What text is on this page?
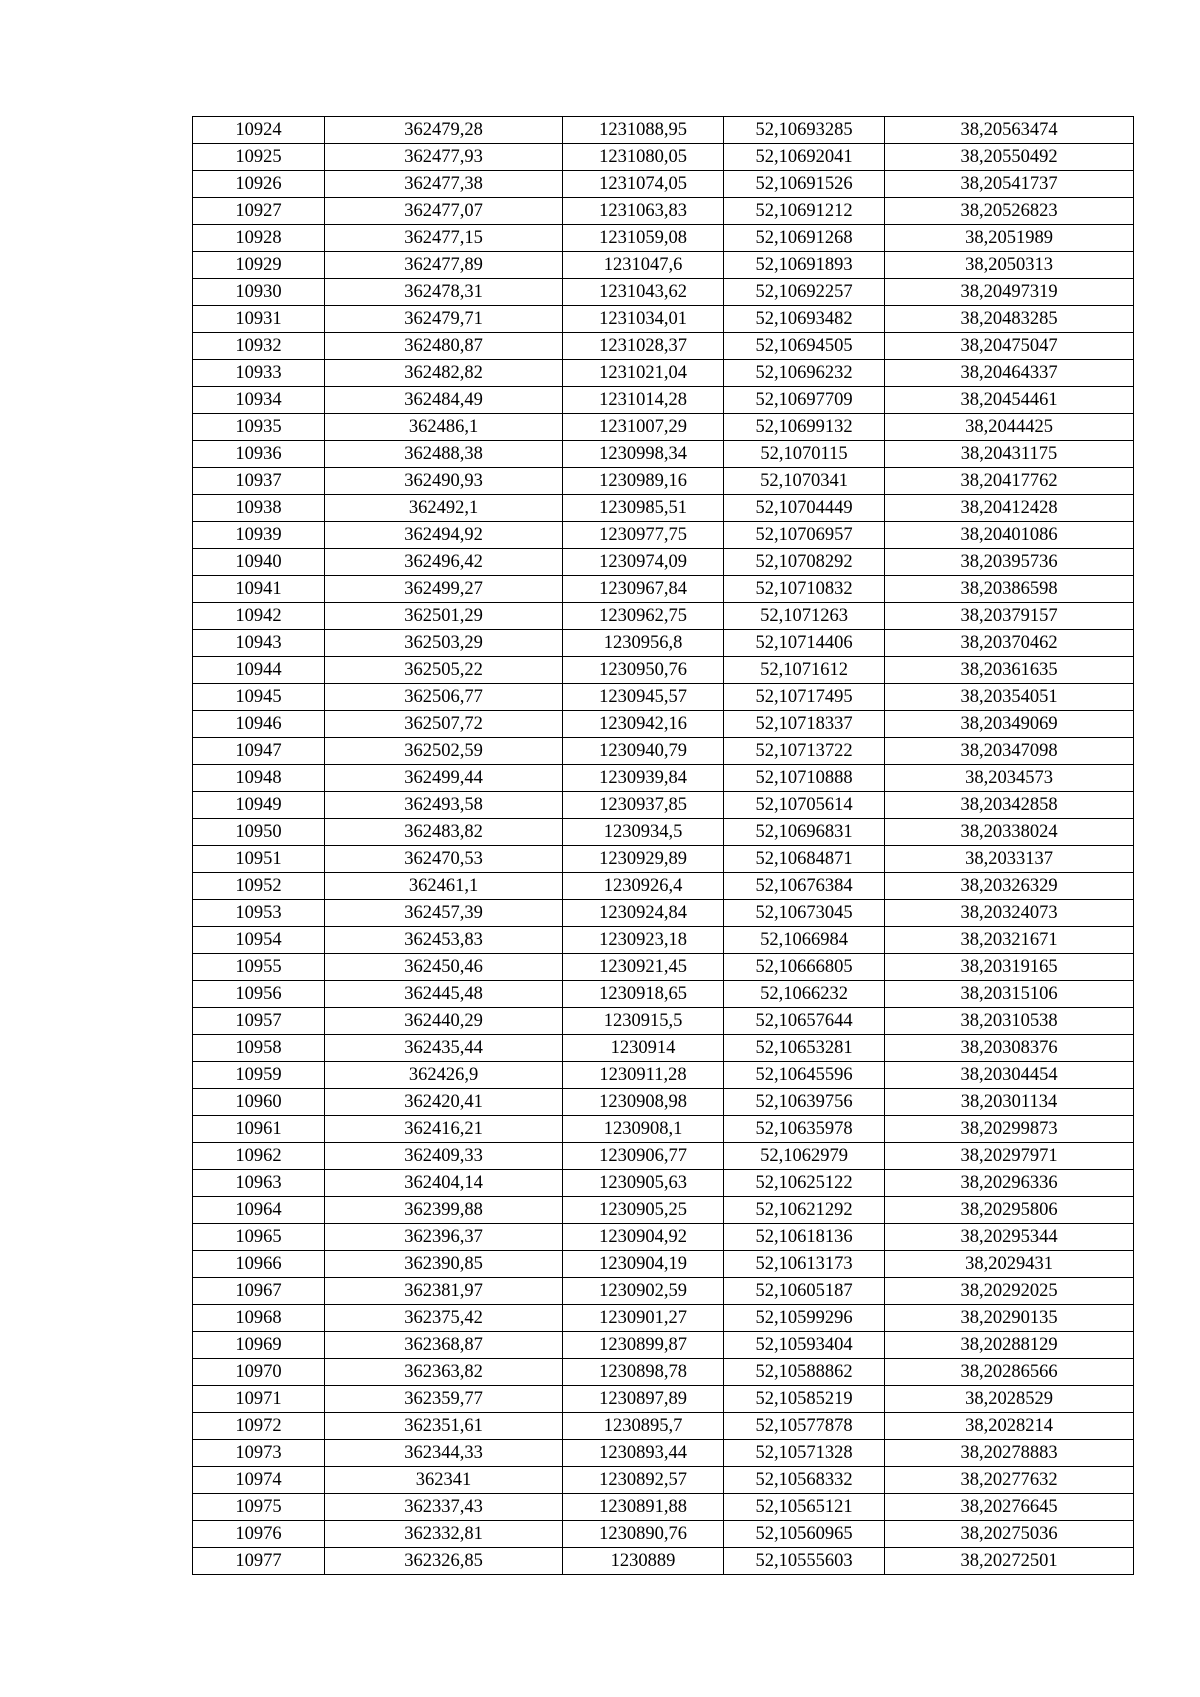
10924	362479,28	1231088,95	52,10693285	38,20563474
10925	362477,93	1231080,05	52,10692041	38,20550492
10926	362477,38	1231074,05	52,10691526	38,20541737
10927	362477,07	1231063,83	52,10691212	38,20526823
10928	362477,15	1231059,08	52,10691268	38,2051989
10929	362477,89	1231047,6	52,10691893	38,2050313
10930	362478,31	1231043,62	52,10692257	38,20497319
10931	362479,71	1231034,01	52,10693482	38,20483285
10932	362480,87	1231028,37	52,10694505	38,20475047
10933	362482,82	1231021,04	52,10696232	38,20464337
10934	362484,49	1231014,28	52,10697709	38,20454461
10935	362486,1	1231007,29	52,10699132	38,2044425
10936	362488,38	1230998,34	52,1070115	38,20431175
10937	362490,93	1230989,16	52,1070341	38,20417762
10938	362492,1	1230985,51	52,10704449	38,20412428
10939	362494,92	1230977,75	52,10706957	38,20401086
10940	362496,42	1230974,09	52,10708292	38,20395736
10941	362499,27	1230967,84	52,10710832	38,20386598
10942	362501,29	1230962,75	52,1071263	38,20379157
10943	362503,29	1230956,8	52,10714406	38,20370462
10944	362505,22	1230950,76	52,1071612	38,20361635
10945	362506,77	1230945,57	52,10717495	38,20354051
10946	362507,72	1230942,16	52,10718337	38,20349069
10947	362502,59	1230940,79	52,10713722	38,20347098
10948	362499,44	1230939,84	52,10710888	38,2034573
10949	362493,58	1230937,85	52,10705614	38,20342858
10950	362483,82	1230934,5	52,10696831	38,20338024
10951	362470,53	1230929,89	52,10684871	38,2033137
10952	362461,1	1230926,4	52,10676384	38,20326329
10953	362457,39	1230924,84	52,10673045	38,20324073
10954	362453,83	1230923,18	52,1066984	38,20321671
10955	362450,46	1230921,45	52,10666805	38,20319165
10956	362445,48	1230918,65	52,1066232	38,20315106
10957	362440,29	1230915,5	52,10657644	38,20310538
10958	362435,44	1230914	52,10653281	38,20308376
10959	362426,9	1230911,28	52,10645596	38,20304454
10960	362420,41	1230908,98	52,10639756	38,20301134
10961	362416,21	1230908,1	52,10635978	38,20299873
10962	362409,33	1230906,77	52,1062979	38,20297971
10963	362404,14	1230905,63	52,10625122	38,20296336
10964	362399,88	1230905,25	52,10621292	38,20295806
10965	362396,37	1230904,92	52,10618136	38,20295344
10966	362390,85	1230904,19	52,10613173	38,2029431
10967	362381,97	1230902,59	52,10605187	38,20292025
10968	362375,42	1230901,27	52,10599296	38,20290135
10969	362368,87	1230899,87	52,10593404	38,20288129
10970	362363,82	1230898,78	52,10588862	38,20286566
10971	362359,77	1230897,89	52,10585219	38,2028529
10972	362351,61	1230895,7	52,10577878	38,2028214
10973	362344,33	1230893,44	52,10571328	38,20278883
10974	362341	1230892,57	52,10568332	38,20277632
10975	362337,43	1230891,88	52,10565121	38,20276645
10976	362332,81	1230890,76	52,10560965	38,20275036
10977	362326,85	1230889	52,10555603	38,20272501
